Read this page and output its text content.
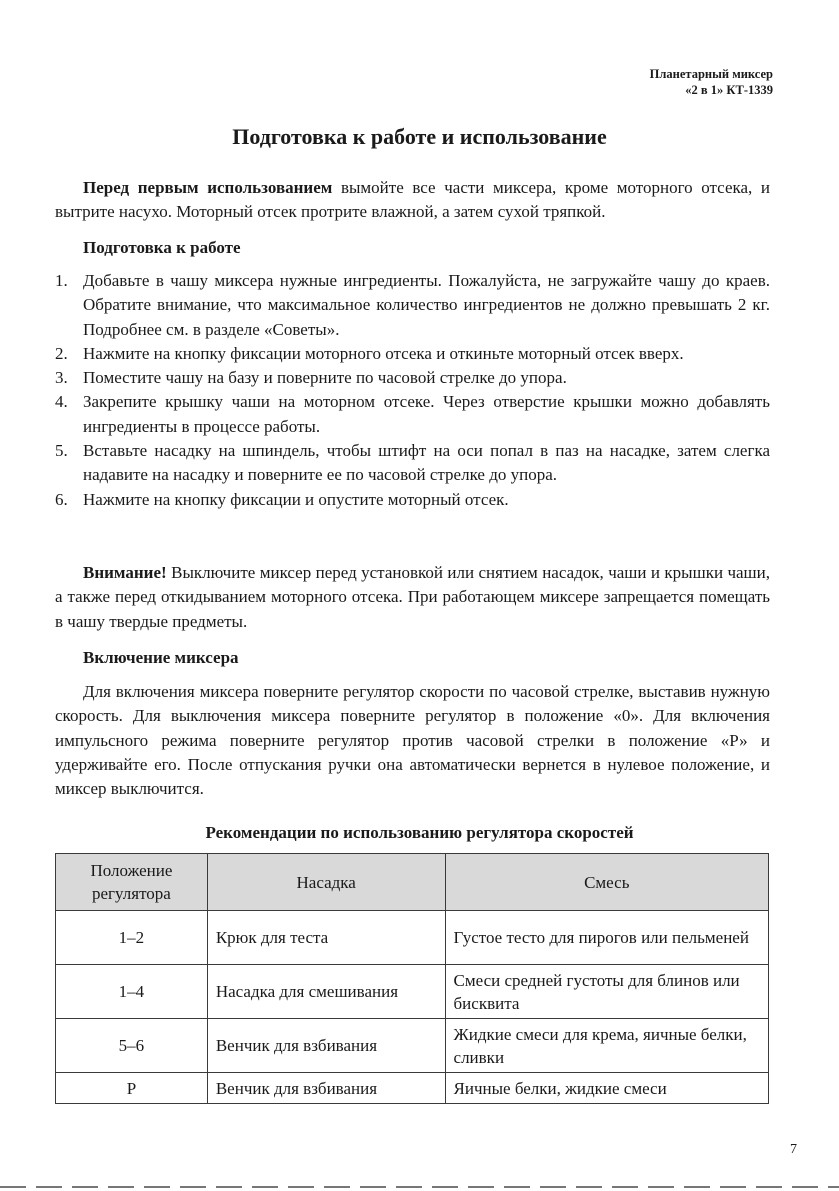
Планетарный миксер
«2 в 1» КТ-1339
Подготовка к работе и использование

Перед первым использованием вымойте все части миксера, кроме моторного отсека, и вытрите насухо. Моторный отсек протрите влажной, а затем сухой тряпкой.

Подготовка к работе
1. Добавьте в чашу миксера нужные ингредиенты. Пожалуйста, не загружайте чашу до краев. Обратите внимание, что максимальное количество ингредиентов не должно превышать 2 кг. Подробнее см. в разделе «Советы».
2. Нажмите на кнопку фиксации моторного отсека и откиньте моторный отсек вверх.
3. Поместите чашу на базу и поверните по часовой стрелке до упора.
4. Закрепите крышку чаши на моторном отсеке. Через отверстие крышки можно добавлять ингредиенты в процессе работы.
5. Вставьте насадку на шпиндель, чтобы штифт на оси попал в паз на насадке, затем слегка надавите на насадку и поверните ее по часовой стрелке до упора.
6. Нажмите на кнопку фиксации и опустите моторный отсек.

Внимание! Выключите миксер перед установкой или снятием насадок, чаши и крышки чаши, а также перед откидыванием моторного отсека. При работающем миксере запрещается помещать в чашу твердые предметы.

Включение миксера

Для включения миксера поверните регулятор скорости по часовой стрелке, выставив нужную скорость. Для выключения миксера поверните регулятор в положение «0». Для включения импульсного режима поверните регулятор против часовой стрелки в положение «Р» и удерживайте его. После отпускания ручки она автоматически вернется в нулевое положение, и миксер выключится.

Рекомендации по использованию регулятора скоростей
Положение регулятора	Насадка	Смесь
1–2	Крюк для теста	Густое тесто для пирогов или пельменей
1–4	Насадка для смешивания	Смеси средней густоты для блинов или бисквита
5–6	Венчик для взбивания	Жидкие смеси для крема, яичные белки, сливки
Р	Венчик для взбивания	Яичные белки, жидкие смеси
7
